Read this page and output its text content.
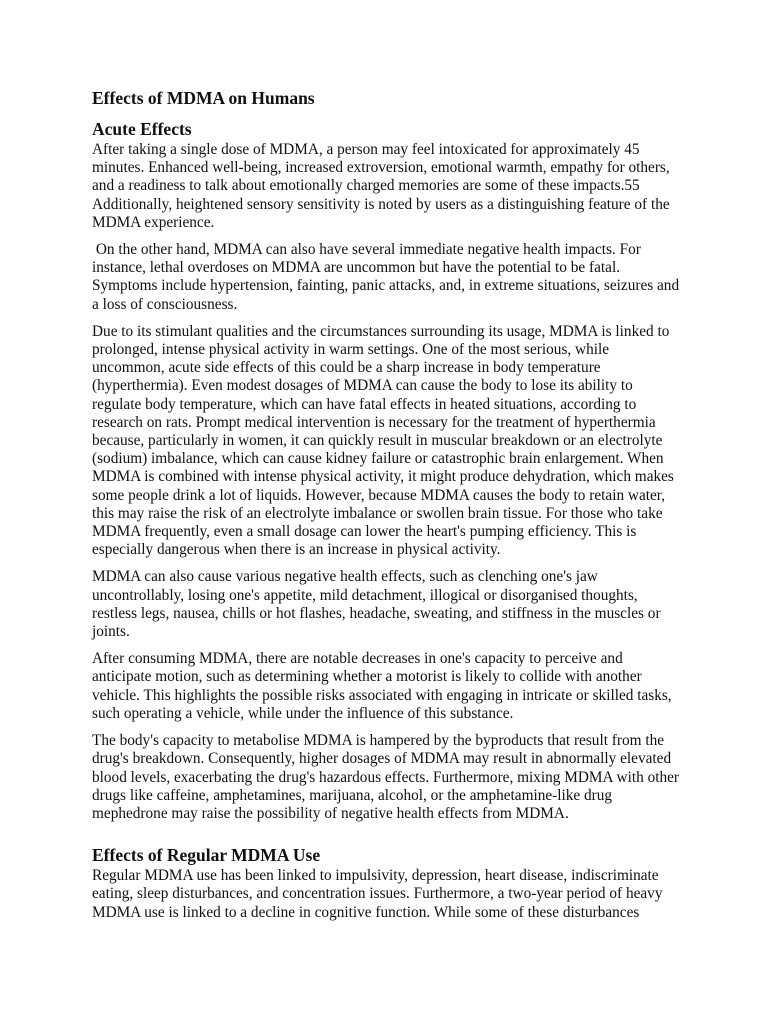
Effects of MDMA on Humans
Acute Effects

After taking a single dose of MDMA, a person may feel intoxicated for approximately 45 minutes. Enhanced well-being, increased extroversion, emotional warmth, empathy for others, and a readiness to talk about emotionally charged memories are some of these impacts.55 Additionally, heightened sensory sensitivity is noted by users as a distinguishing feature of the MDMA experience.

On the other hand, MDMA can also have several immediate negative health impacts. For instance, lethal overdoses on MDMA are uncommon but have the potential to be fatal. Symptoms include hypertension, fainting, panic attacks, and, in extreme situations, seizures and a loss of consciousness.

Due to its stimulant qualities and the circumstances surrounding its usage, MDMA is linked to prolonged, intense physical activity in warm settings. One of the most serious, while uncommon, acute side effects of this could be a sharp increase in body temperature (hyperthermia). Even modest dosages of MDMA can cause the body to lose its ability to regulate body temperature, which can have fatal effects in heated situations, according to research on rats. Prompt medical intervention is necessary for the treatment of hyperthermia because, particularly in women, it can quickly result in muscular breakdown or an electrolyte (sodium) imbalance, which can cause kidney failure or catastrophic brain enlargement. When MDMA is combined with intense physical activity, it might produce dehydration, which makes some people drink a lot of liquids. However, because MDMA causes the body to retain water, this may raise the risk of an electrolyte imbalance or swollen brain tissue. For those who take MDMA frequently, even a small dosage can lower the heart's pumping efficiency. This is especially dangerous when there is an increase in physical activity.

MDMA can also cause various negative health effects, such as clenching one's jaw uncontrollably, losing one's appetite, mild detachment, illogical or disorganised thoughts, restless legs, nausea, chills or hot flashes, headache, sweating, and stiffness in the muscles or joints.

After consuming MDMA, there are notable decreases in one's capacity to perceive and anticipate motion, such as determining whether a motorist is likely to collide with another vehicle. This highlights the possible risks associated with engaging in intricate or skilled tasks, such operating a vehicle, while under the influence of this substance.

The body's capacity to metabolise MDMA is hampered by the byproducts that result from the drug's breakdown. Consequently, higher dosages of MDMA may result in abnormally elevated blood levels, exacerbating the drug's hazardous effects. Furthermore, mixing MDMA with other drugs like caffeine, amphetamines, marijuana, alcohol, or the amphetamine-like drug mephedrone may raise the possibility of negative health effects from MDMA.

Effects of Regular MDMA Use

Regular MDMA use has been linked to impulsivity, depression, heart disease, indiscriminate eating, sleep disturbances, and concentration issues. Furthermore, a two-year period of heavy MDMA use is linked to a decline in cognitive function. While some of these disturbances
